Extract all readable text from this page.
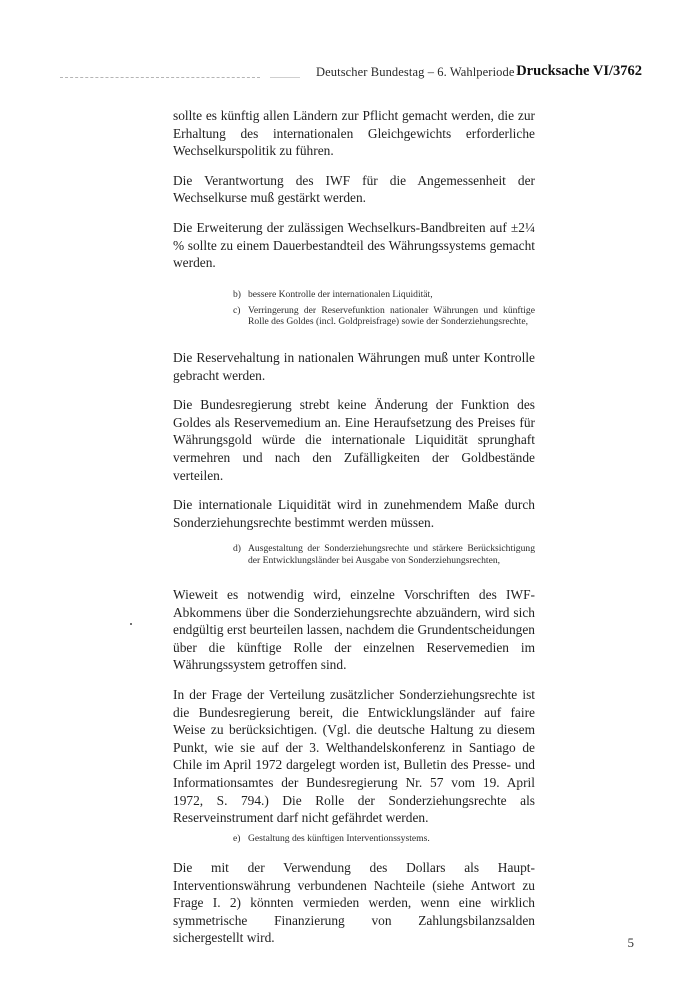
Deutscher Bundestag – 6. Wahlperiode Drucksache VI/3762

sollte es künftig allen Ländern zur Pflicht gemacht werden, die zur Erhaltung des internationalen Gleichgewichts erforderliche Wechselkurspolitik zu führen.

Die Verantwortung des IWF für die Angemessenheit der Wechselkurse muß gestärkt werden.

Die Erweiterung der zulässigen Wechselkurs-Bandbreiten auf ±2¼ % sollte zu einem Dauerbestandteil des Währungssystems gemacht werden.

b) bessere Kontrolle der internationalen Liquidität,
c) Verringerung der Reservefunktion nationaler Währungen und künftige Rolle des Goldes (incl. Goldpreisfrage) sowie der Sonderziehungsrechte,

Die Reservehaltung in nationalen Währungen muß unter Kontrolle gebracht werden.

Die Bundesregierung strebt keine Änderung der Funktion des Goldes als Reservemedium an. Eine Heraufsetzung des Preises für Währungsgold würde die internationale Liquidität sprunghaft vermehren und nach den Zufälligkeiten der Goldbestände verteilen.

Die internationale Liquidität wird in zunehmendem Maße durch Sonderziehungsrechte bestimmt werden müssen.

d) Ausgestaltung der Sonderziehungsrechte und stärkere Berücksichtigung der Entwicklungsländer bei Ausgabe von Sonderziehungsrechten,

Wieweit es notwendig wird, einzelne Vorschriften des IWF-Abkommens über die Sonderziehungsrechte abzuändern, wird sich endgültig erst beurteilen lassen, nachdem die Grundentscheidungen über die künftige Rolle der einzelnen Reservemedien im Währungssystem getroffen sind.

In der Frage der Verteilung zusätzlicher Sonderziehungsrechte ist die Bundesregierung bereit, die Entwicklungsländer auf faire Weise zu berücksichtigen. (Vgl. die deutsche Haltung zu diesem Punkt, wie sie auf der 3. Welthandelskonferenz in Santiago de Chile im April 1972 dargelegt worden ist, Bulletin des Presse- und Informationsamtes der Bundesregierung Nr. 57 vom 19. April 1972, S. 794.) Die Rolle der Sonderziehungsrechte als Reserveinstrument darf nicht gefährdet werden.

e) Gestaltung des künftigen Interventionssystems.

Die mit der Verwendung des Dollars als Haupt-Interventionswährung verbundenen Nachteile (siehe Antwort zu Frage I. 2) könnten vermieden werden, wenn eine wirklich symmetrische Finanzierung von Zahlungsbilanzsalden sichergestellt wird.	5
